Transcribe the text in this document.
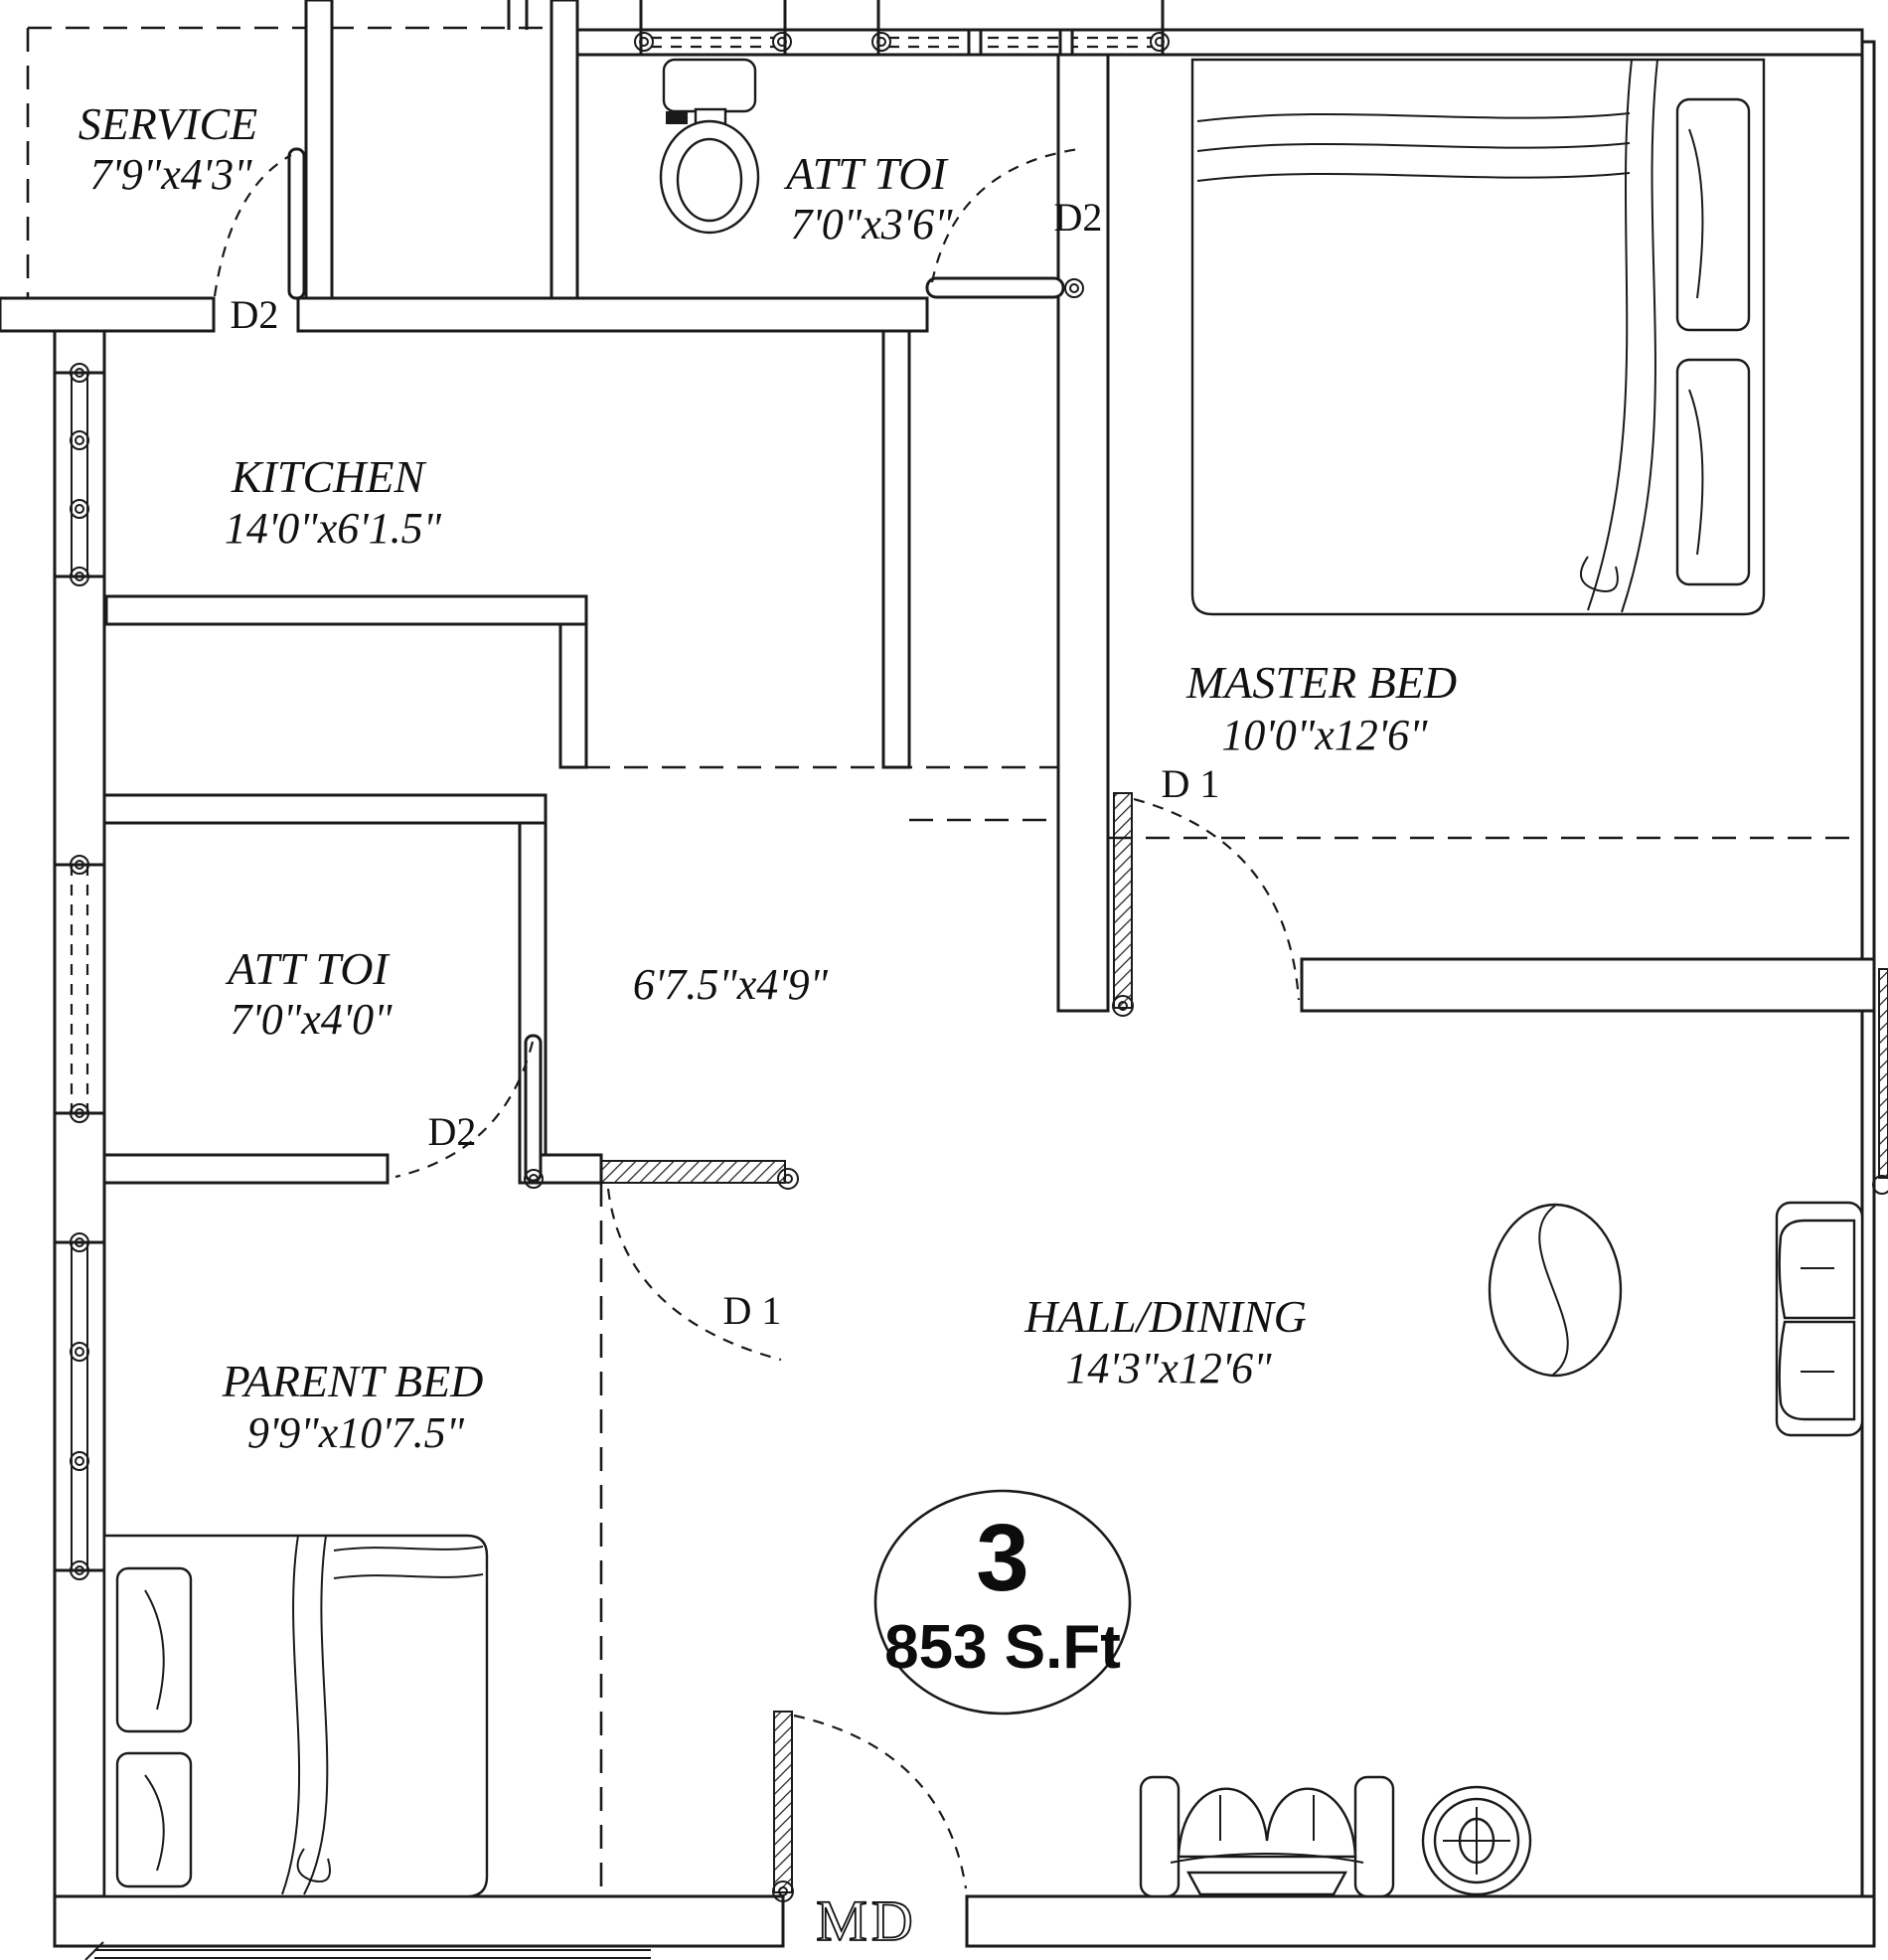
3
853 S.Ft
SERVICE
7'9"x4'3"	ATT TOI
7'0"x3'6"
KITCHEN
14'0"x6'1.5"
MASTER BED
10'0"x12'6"
ATT TOI
7'0"x4'0"
6'7.5"x4'9"
PARENT BED
9'9"x10'7.5"
HALL/DINING
14'3"x12'6"
D2
D2
D 1
D2
D 1
MD
